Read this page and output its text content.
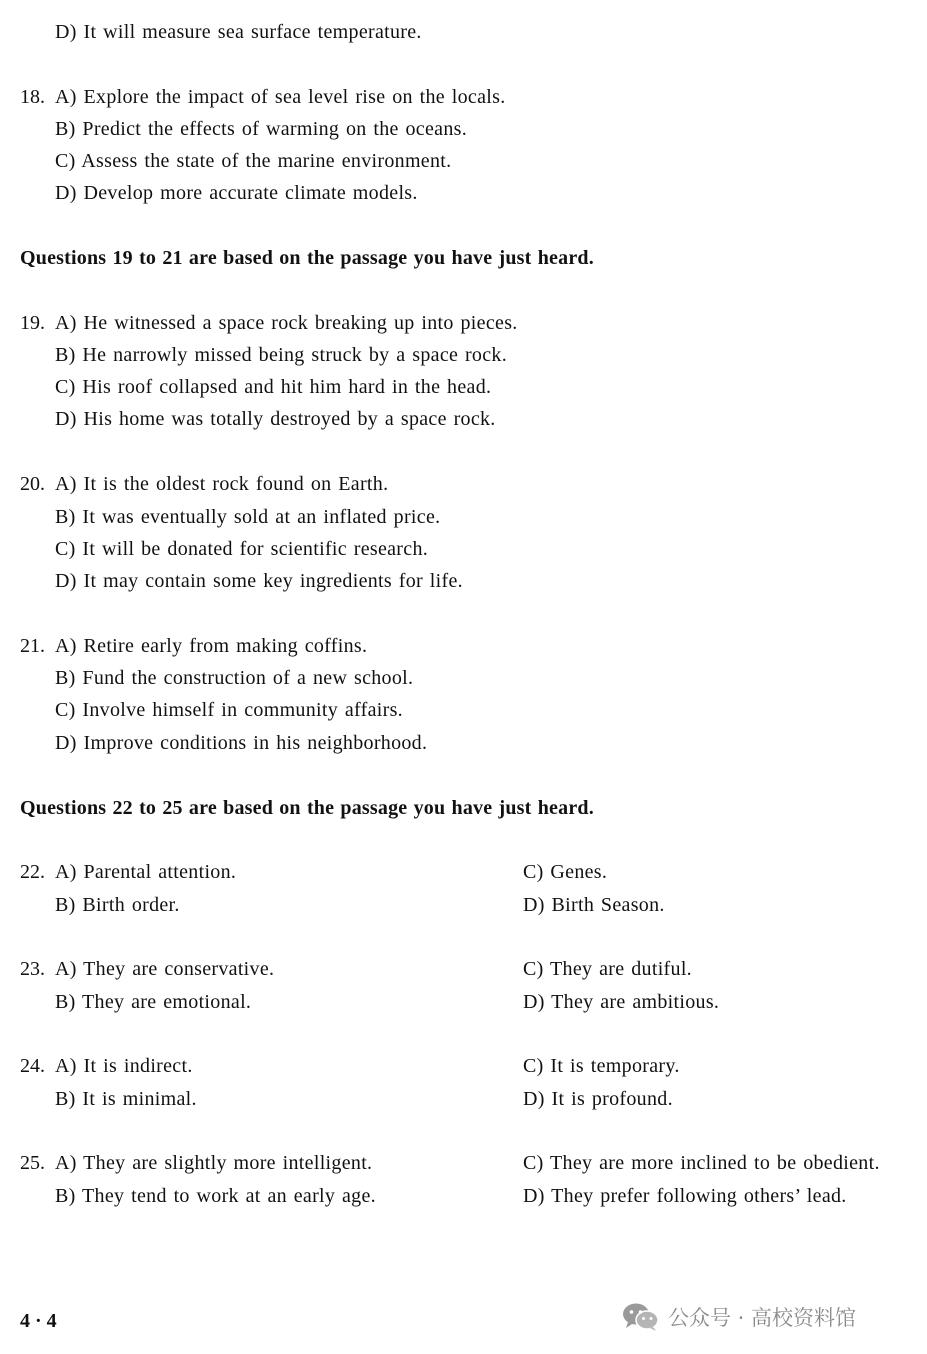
D) It will measure sea surface temperature.
18. A) Explore the impact of sea level rise on the locals.
B) Predict the effects of warming on the oceans.
C) Assess the state of the marine environment.
D) Develop more accurate climate models.
Questions 19 to 21 are based on the passage you have just heard.
19. A) He witnessed a space rock breaking up into pieces.
B) He narrowly missed being struck by a space rock.
C) His roof collapsed and hit him hard in the head.
D) His home was totally destroyed by a space rock.
20. A) It is the oldest rock found on Earth.
B) It was eventually sold at an inflated price.
C) It will be donated for scientific research.
D) It may contain some key ingredients for life.
21. A) Retire early from making coffins.
B) Fund the construction of a new school.
C) Involve himself in community affairs.
D) Improve conditions in his neighborhood.
Questions 22 to 25 are based on the passage you have just heard.
22. A) Parental attention.
B) Birth order.
C) Genes.
D) Birth Season.
23. A) They are conservative.
B) They are emotional.
C) They are dutiful.
D) They are ambitious.
24. A) It is indirect.
B) It is minimal.
C) It is temporary.
D) It is profound.
25. A) They are slightly more intelligent.
B) They tend to work at an early age.
C) They are more inclined to be obedient.
D) They prefer following others’ lead.
4 · 4	公众号 · 高校资料馆
